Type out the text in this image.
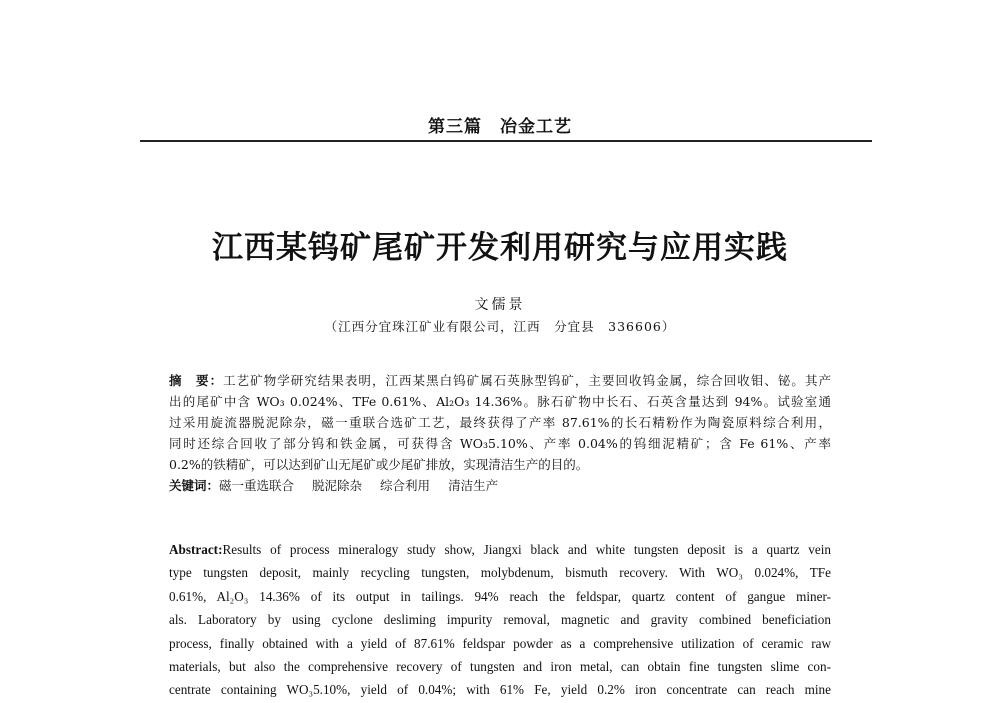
第三篇　冶金工艺
江西某钨矿尾矿开发利用研究与应用实践
文儒景
（江西分宜珠江矿业有限公司，江西　分宜县　336606）
摘　要：工艺矿物学研究结果表明，江西某黑白钨矿属石英脉型钨矿，主要回收钨金属，综合回收钼、铋。其产
出的尾矿中含 WO₃ 0.024%、TFe 0.61%、Al₂O₃ 14.36%。脉石矿物中长石、石英含量达到 94%。试验室通
过采用旋流器脱泥除杂，磁一重联合选矿工艺，最终获得了产率 87.61%的长石精粉作为陶瓷原料综合利用，
同时还综合回收了部分钨和铁金属，可获得含 WO₃5.10%、产率 0.04%的钨细泥精矿；含 Fe 61%、产率
0.2%的铁精矿，可以达到矿山无尾矿或少尾矿排放，实现清洁生产的目的。
关键词：磁一重选联合 脱泥除杂 综合利用 清洁生产
Abstract:Results of process mineralogy study show, Jiangxi black and white tungsten deposit is a quartz vein
type tungsten deposit, mainly recycling tungsten, molybdenum, bismuth recovery. With WO₃ 0.024%, TFe
0.61%, Al₂O₃ 14.36% of its output in tailings. 94% reach the feldspar, quartz content of gangue miner-
als. Laboratory by using cyclone desliming impurity removal, magnetic and gravity combined beneficiation
process, finally obtained with a yield of 87.61% feldspar powder as a comprehensive utilization of ceramic raw
materials, but also the comprehensive recovery of tungsten and iron metal, can obtain fine tungsten slime con-
centrate containing WO₃5.10%, yield of 0.04%; with 61% Fe, yield 0.2% iron concentrate can reach mine
